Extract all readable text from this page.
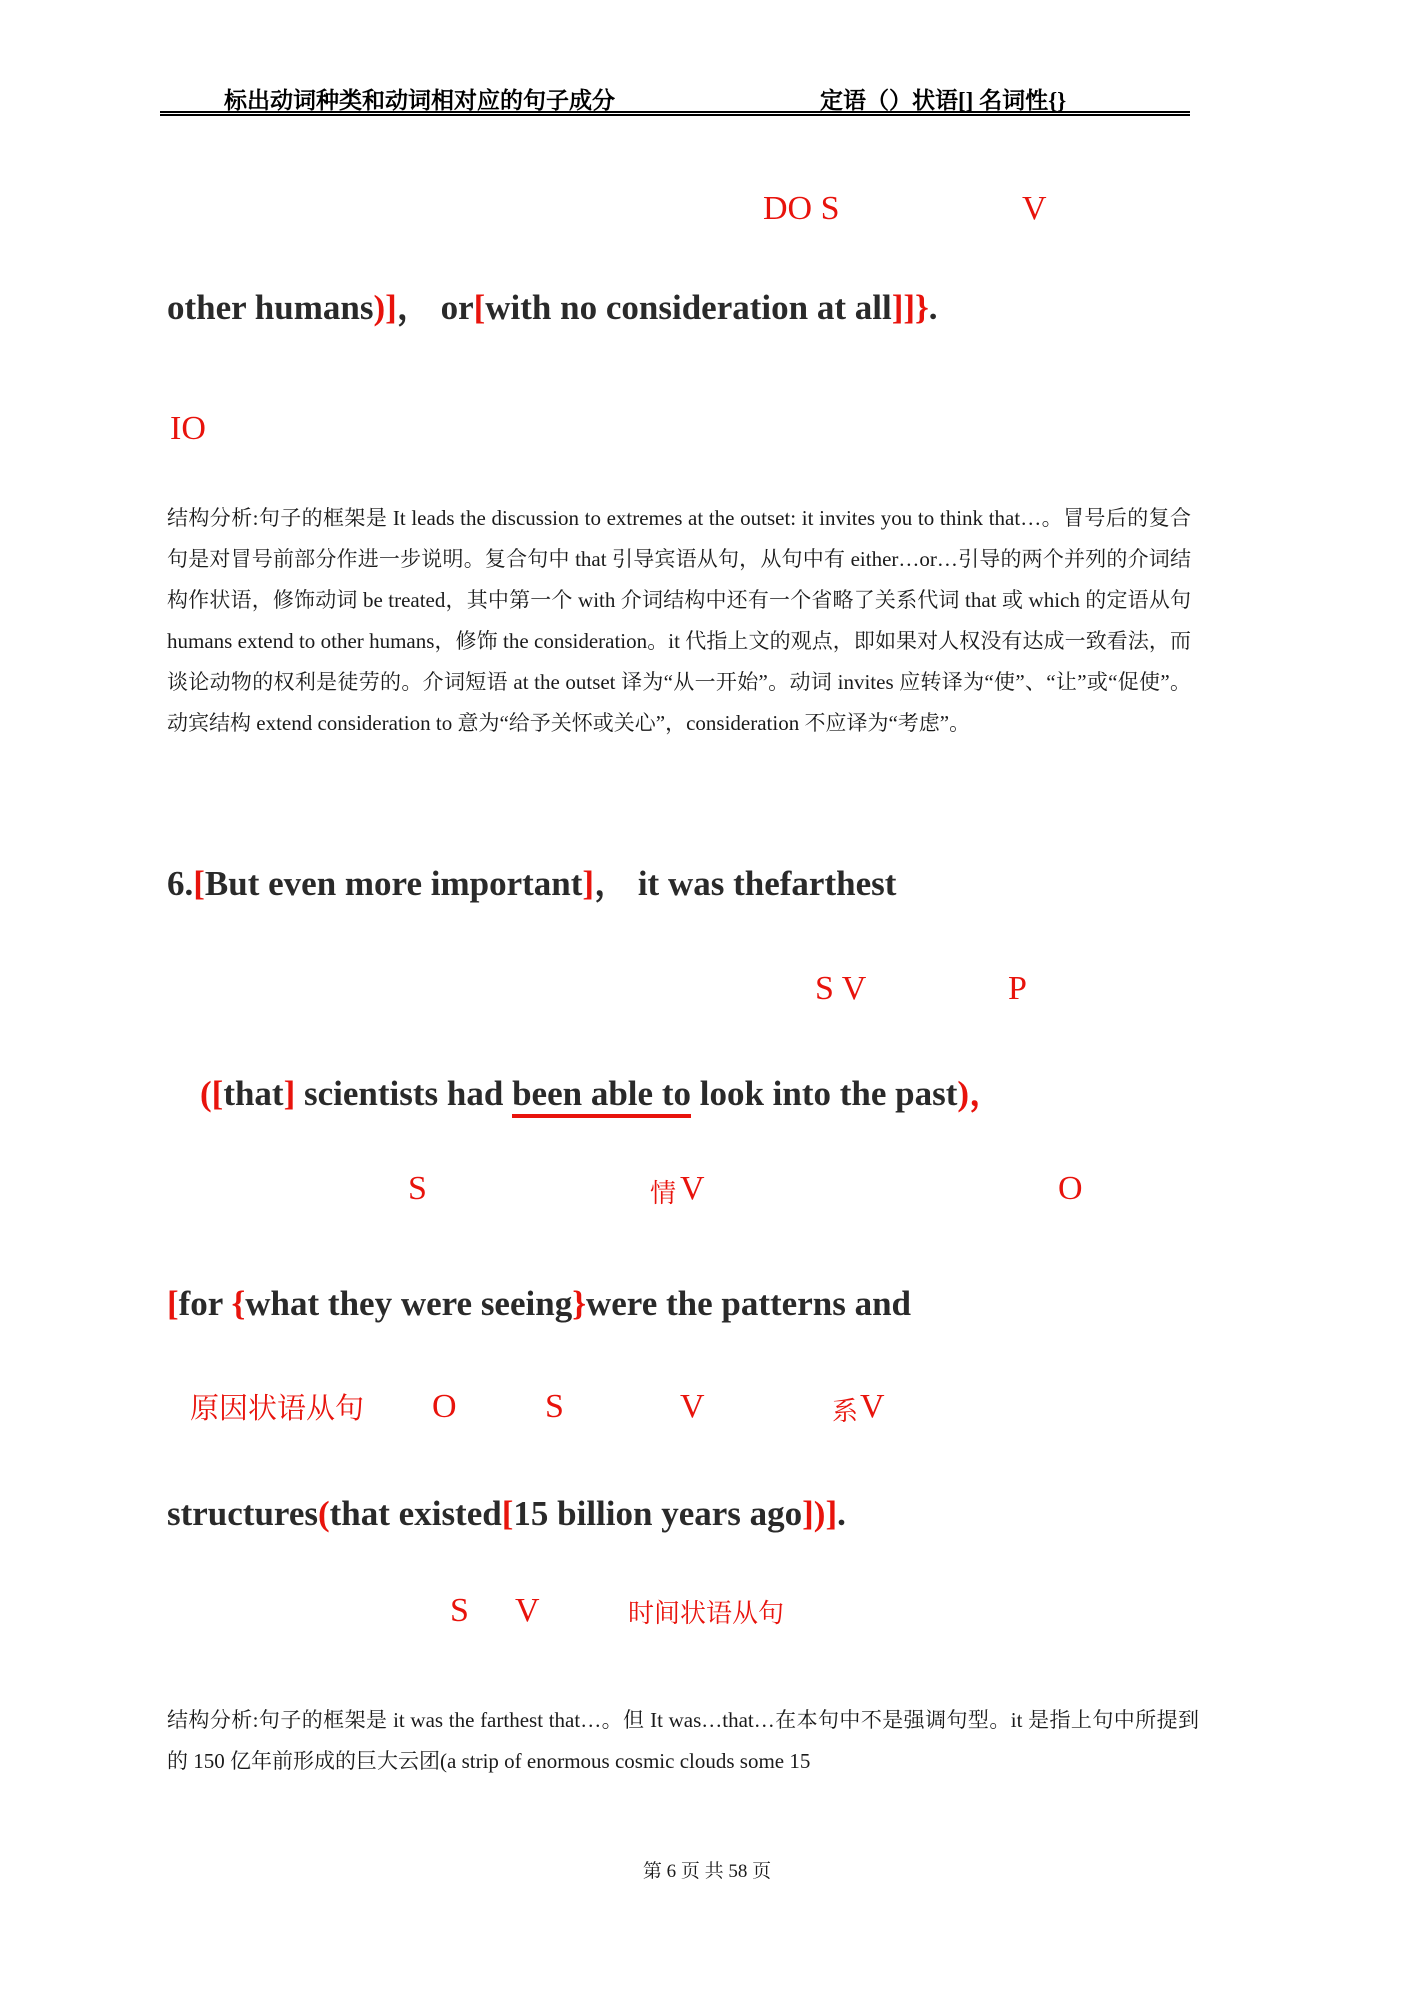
标出动词种类和动词相对应的句子成分	定语（）状语[] 名词性{}
DO S	V
other humans)]， or[with no consideration at all]]}.
IO
结构分析:句子的框架是 It leads the discussion to extremes at the outset: it invites you to think that…。冒号后的复合句是对冒号前部分作进一步说明。复合句中 that 引导宾语从句，从句中有 either…or…引导的两个并列的介词结构作状语，修饰动词 be treated，其中第一个 with 介词结构中还有一个省略了关系代词 that 或 which 的定语从句 humans extend to other humans，修饰 the consideration。it 代指上文的观点，即如果对人权没有达成一致看法，而谈论动物的权利是徒劳的。介词短语 at the outset 译为“从一开始”。动词 invites 应转译为“使”、“让”或“促使”。动宾结构 extend consideration to 意为“给予关怀或关心”，consideration 不应译为“考虑”。
6.[But even more important]， it was thefarthest
S V	P
([that] scientists had been able to look into the past)，
S	情 V	O
[for {what they were seeing}were the patterns and
原因状语从句 O	S	V	系 V
structures(that existed[15 billion years ago])].
S V	时间状语从句
结构分析:句子的框架是 it was the farthest that…。但 It was…that…在本句中不是强调句型。it 是指上句中所提到的 150 亿年前形成的巨大云团(a strip of enormous cosmic clouds some 15
第 6 页 共 58 页
